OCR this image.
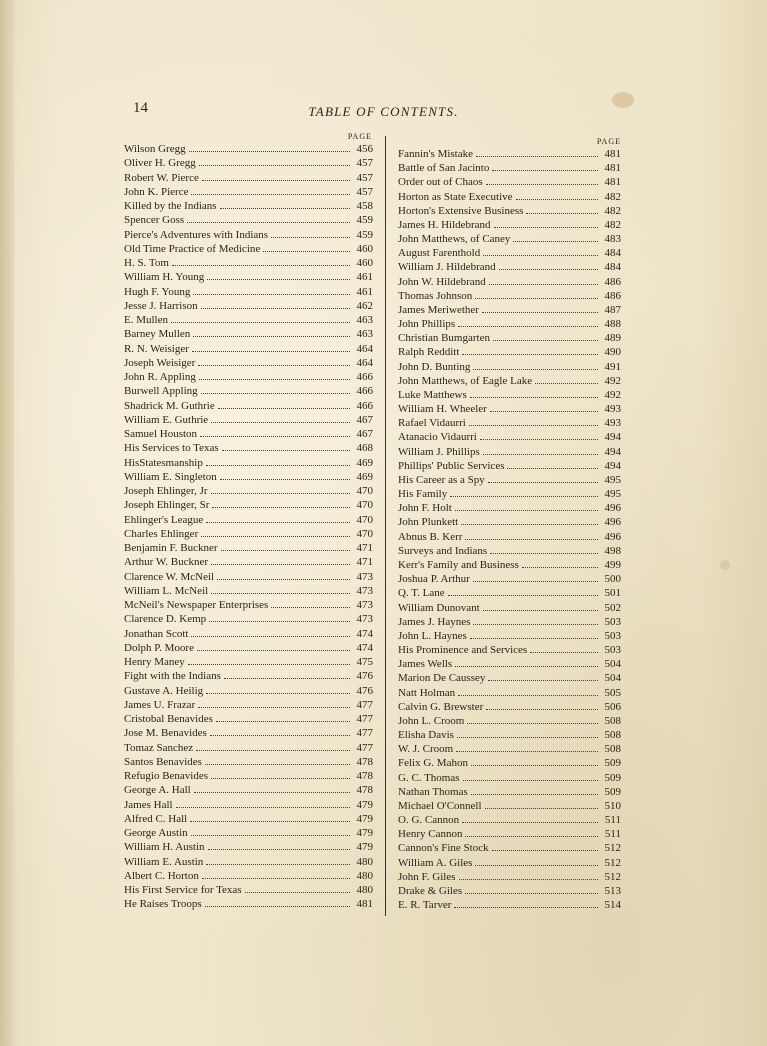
14	TABLE OF CONTENTS.
PAGE
Wilson Gregg	456
Oliver H. Gregg	457
Robert W. Pierce	457
John K. Pierce	457
Killed by the Indians	458
Spencer Goss	459
Pierce's Adventures with Indians	459
Old Time Practice of Medicine	460
H. S. Tom	460
William H. Young	461
Hugh F. Young	461
Jesse J. Harrison	462
E. Mullen	463
Barney Mullen	463
R. N. Weisiger	464
Joseph Weisiger	464
John R. Appling	466
Burwell Appling	466
Shadrick M. Guthrie	466
William E. Guthrie	467
Samuel Houston	467
His Services to Texas	468
HisStatesmanship	469
William E. Singleton	469
Joseph Ehlinger, Jr	470
Joseph Ehlinger, Sr	470
Ehlinger's League	470
Charles Ehlinger	470
Benjamin F. Buckner	471
Arthur W. Buckner	471
Clarence W. McNeil	473
William L. McNeil	473
McNeil's Newspaper Enterprises	473
Clarence D. Kemp	473
Jonathan Scott	474
Dolph P. Moore	474
Henry Maney	475
Fight with the Indians	476
Gustave A. Heilig	476
James U. Frazar	477
Cristobal Benavides	477
Jose M. Benavides	477
Tomaz Sanchez	477
Santos Benavides	478
Refugio Benavides	478
George A. Hall	478
James Hall	479
Alfred C. Hall	479
George Austin	479
William H. Austin	479
William E. Austin	480
Albert C. Horton	480
His First Service for Texas	480
He Raises Troops	481
PAGE
Fannin's Mistake	481
Battle of San Jacinto	481
Order out of Chaos	481
Horton as State Executive	482
Horton's Extensive Business	482
James H. Hildebrand	482
John Matthews, of Caney	483
August Farenthold	484
William J. Hildebrand	484
John W. Hildebrand	486
Thomas Johnson	486
James Meriwether	487
John Phillips	488
Christian Bumgarten	489
Ralph Redditt	490
John D. Bunting	491
John Matthews, of Eagle Lake	492
Luke Matthews	492
William H. Wheeler	493
Rafael Vidaurri	493
Atanacio Vidaurri	494
William J. Phillips	494
Phillips' Public Services	494
His Career as a Spy	495
His Family	495
John F. Holt	496
John Plunkett	496
Abnus B. Kerr	496
Surveys and Indians	498
Kerr's Family and Business	499
Joshua P. Arthur	500
Q. T. Lane	501
William Dunovant	502
James J. Haynes	503
John L. Haynes	503
His Prominence and Services	503
James Wells	504
Marion De Caussey	504
Natt Holman	505
Calvin G. Brewster	506
John L. Croom	508
Elisha Davis	508
W. J. Croom	508
Felix G. Mahon	509
G. C. Thomas	509
Nathan Thomas	509
Michael O'Connell	510
O. G. Cannon	511
Henry Cannon	511
Cannon's Fine Stock	512
William A. Giles	512
John F. Giles	512
Drake & Giles	513
E. R. Tarver	514
